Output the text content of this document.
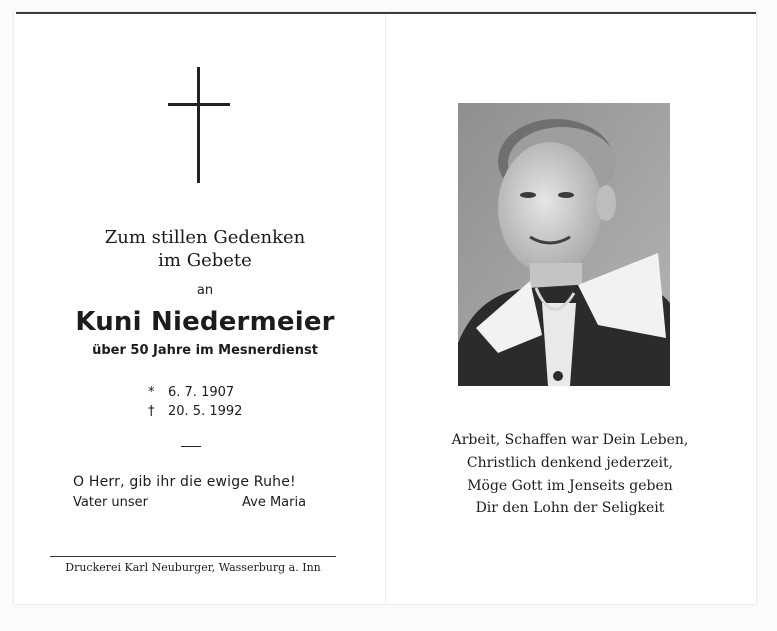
Zum stillen Gedenken
im Gebete
an
Kuni Niedermeier
über 50 Jahre im Mesnerdienst
* 6. 7. 1907
† 20. 5. 1992
O Herr, gib ihr die ewige Ruhe!
Vater unser	Ave Maria
Druckerei Karl Neuburger, Wasserburg a. Inn
Arbeit, Schaffen war Dein Leben,
Christlich denkend jederzeit,
Möge Gott im Jenseits geben
Dir den Lohn der Seligkeit
